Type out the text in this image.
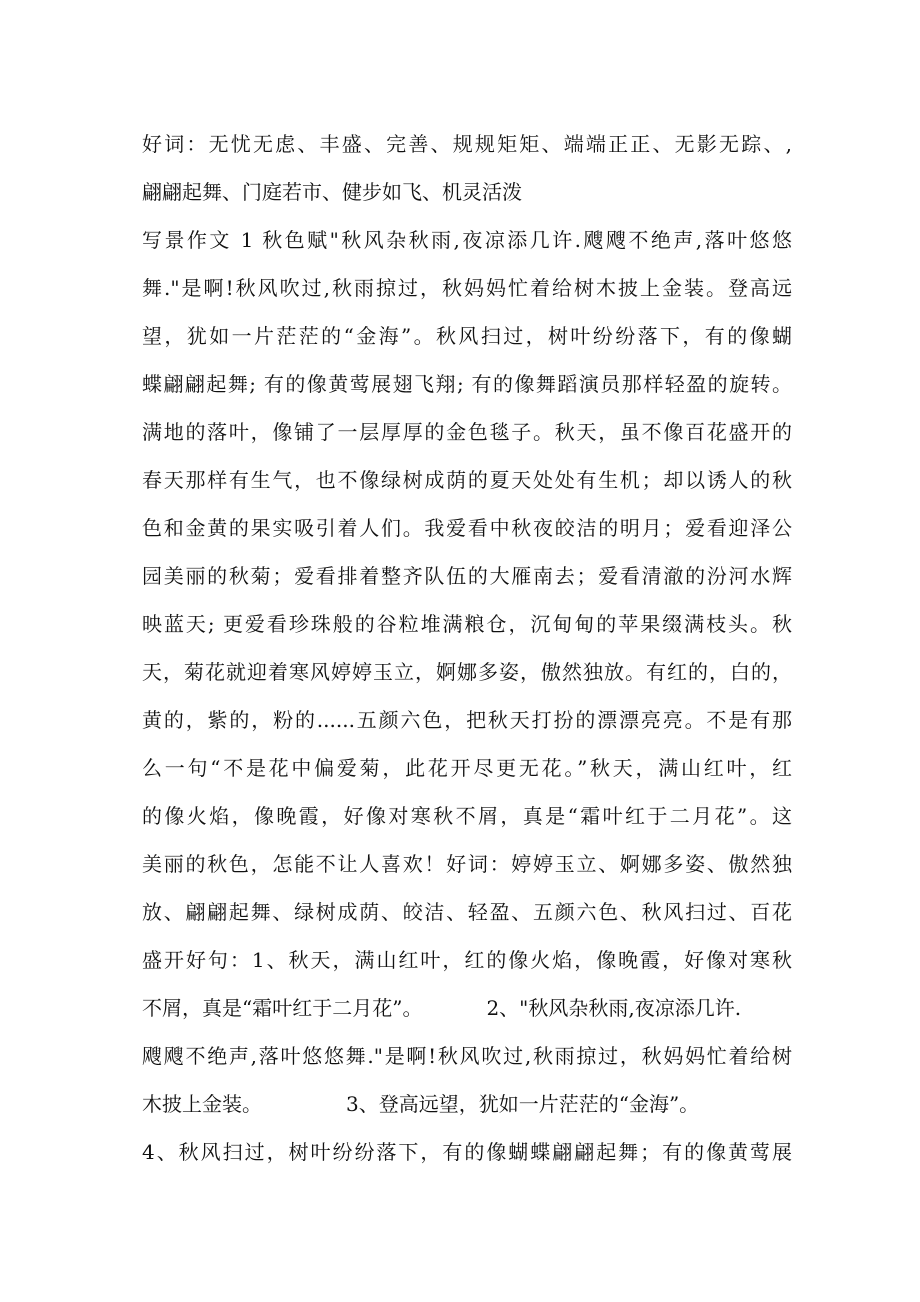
好词：无忧无虑、丰盛、完善、规规矩矩、端端正正、无影无踪、,
翩翩起舞、门庭若市、健步如飞、机灵活泼
写景作文 1 秋色赋"秋风杂秋雨,夜凉添几许.飕飕不绝声,落叶悠悠
舞."是啊!秋风吹过,秋雨掠过，秋妈妈忙着给树木披上金装。登高远
望，犹如一片茫茫的“金海”。秋风扫过，树叶纷纷落下，有的像蝴
蝶翩翩起舞; 有的像黄莺展翅飞翔; 有的像舞蹈演员那样轻盈的旋转。
满地的落叶，像铺了一层厚厚的金色毯子。秋天，虽不像百花盛开的
春天那样有生气，也不像绿树成荫的夏天处处有生机；却以诱人的秋
色和金黄的果实吸引着人们。我爱看中秋夜皎洁的明月；爱看迎泽公
园美丽的秋菊；爱看排着整齐队伍的大雁南去；爱看清澈的汾河水辉
映蓝天; 更爱看珍珠般的谷粒堆满粮仓，沉甸甸的苹果缀满枝头。秋
天，菊花就迎着寒风婷婷玉立，婀娜多姿，傲然独放。有红的，白的，
黄的，紫的，粉的......五颜六色，把秋天打扮的漂漂亮亮。不是有那
么一句“不是花中偏爱菊，此花开尽更无花。”秋天，满山红叶，红
的像火焰，像晚霞，好像对寒秋不屑，真是“霜叶红于二月花”。这
美丽的秋色，怎能不让人喜欢！好词：婷婷玉立、婀娜多姿、傲然独
放、翩翩起舞、绿树成荫、皎洁、轻盈、五颜六色、秋风扫过、百花
盛开好句：1、秋天，满山红叶，红的像火焰，像晚霞，好像对寒秋
不屑，真是“霜叶红于二月花”。	2、"秋风杂秋雨,夜凉添几许.
飕飕不绝声,落叶悠悠舞."是啊!秋风吹过,秋雨掠过，秋妈妈忙着给树
木披上金装。	3、登高远望，犹如一片茫茫的“金海”。
4、秋风扫过，树叶纷纷落下，有的像蝴蝶翩翩起舞；有的像黄莺展
